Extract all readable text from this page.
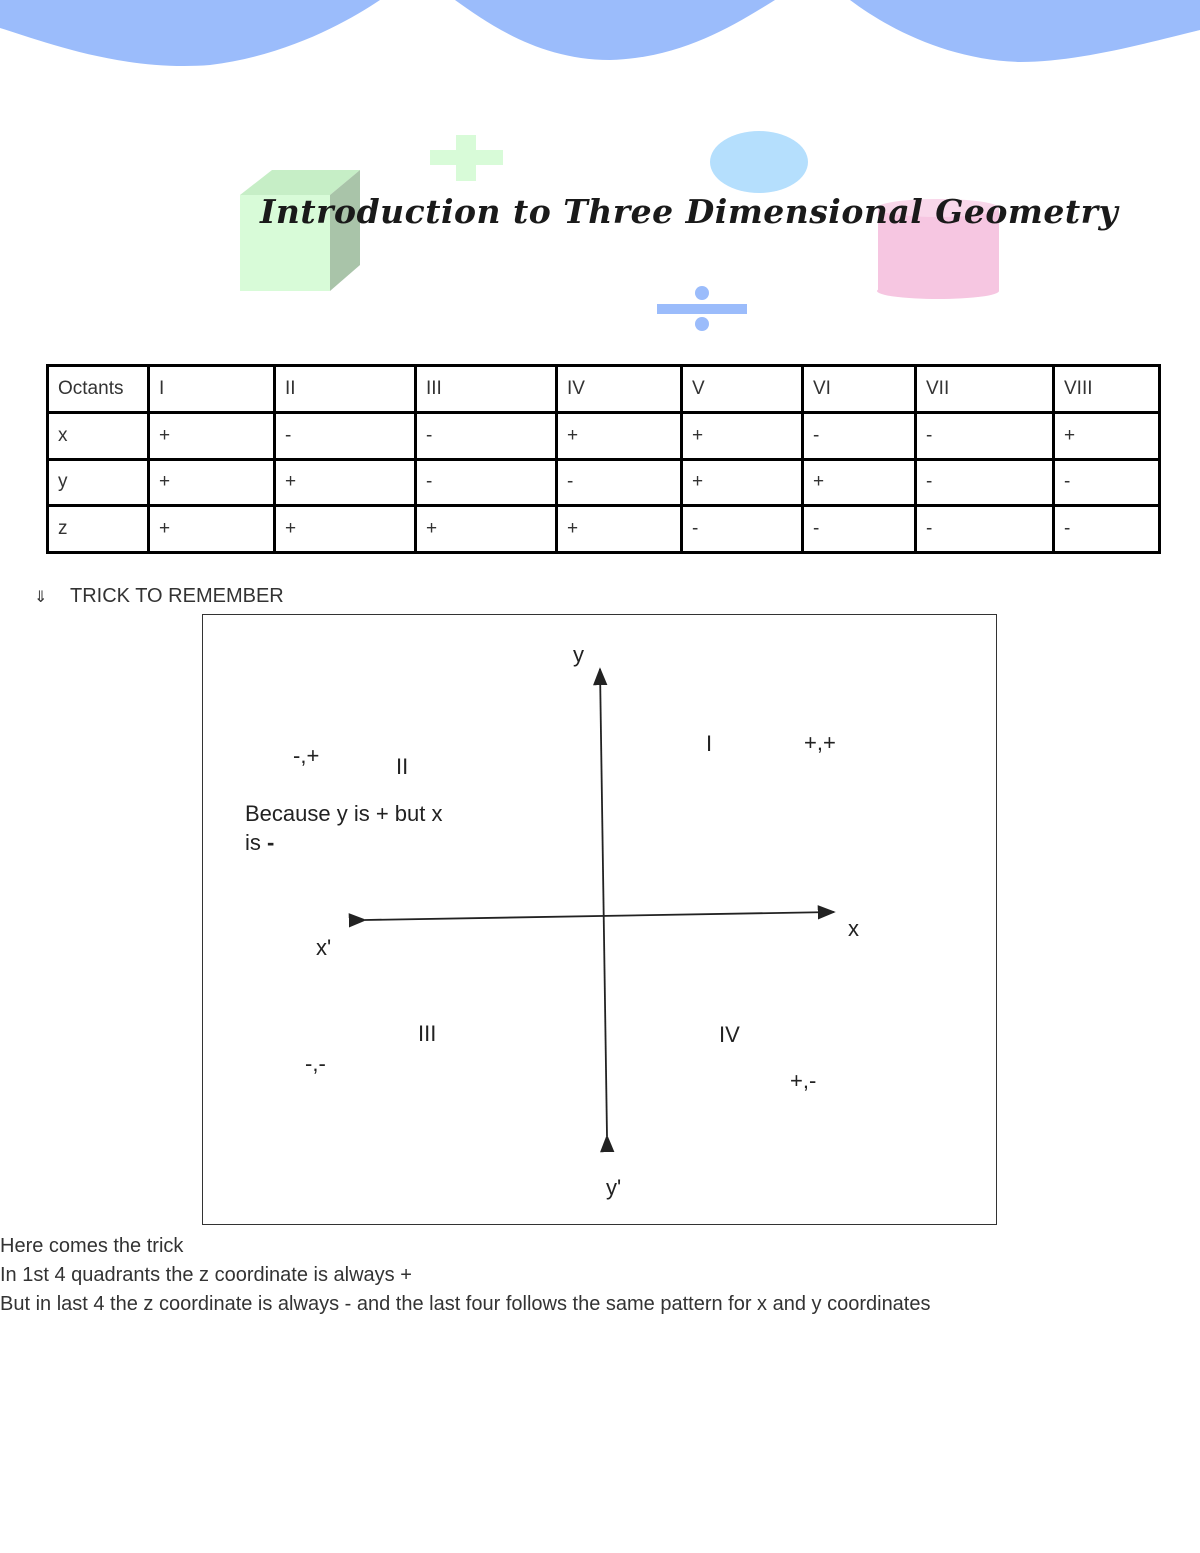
Introduction to Three Dimensional Geometry
Octants	I	II	III	IV	V	VI	VII	VIII
x	+	-	-	+	+	-	-	+
y	+	+	-	-	+	+	-	-
z	+	+	+	+	-	-	-	-
⇓ TRICK TO REMEMBER
y
y'
x
x'
I	+,+
II
-,+
III
-,-
IV
+,-
Because y is + but x
is -
Here comes the trick
In 1st 4 quadrants the z coordinate is always +
But in last 4 the z coordinate is always - and the last four follows the same pattern for x and y coordinates
